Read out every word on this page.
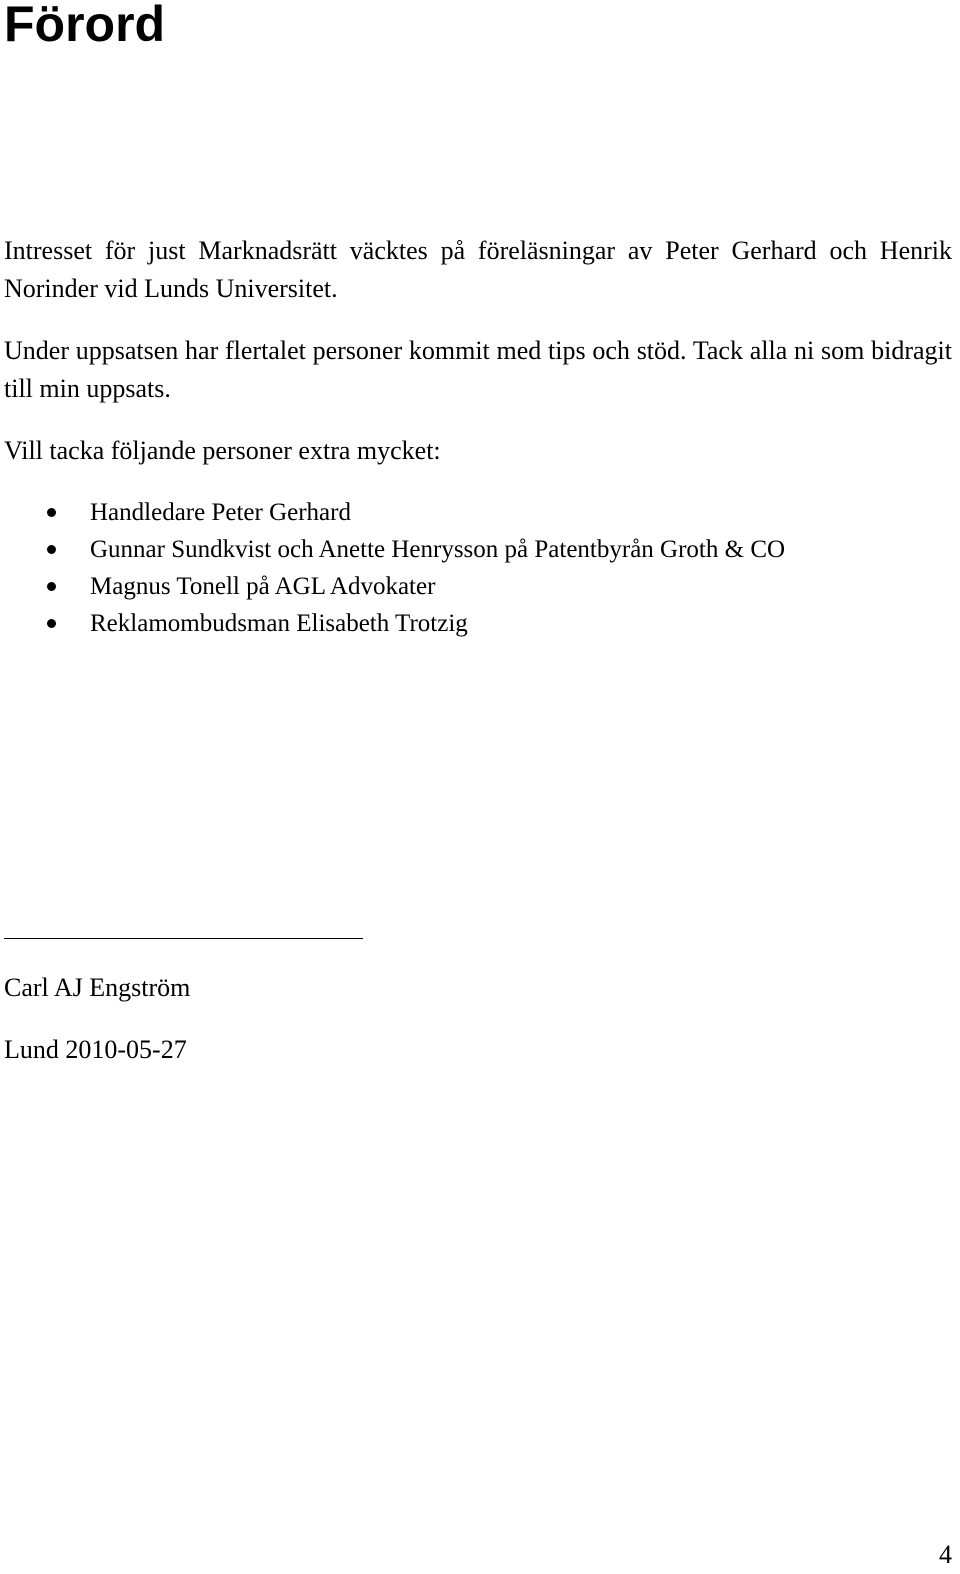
Förord

Intresset för just Marknadsrätt väcktes på föreläsningar av Peter Gerhard och Henrik Norinder vid Lunds Universitet.

Under uppsatsen har flertalet personer kommit med tips och stöd. Tack alla ni som bidragit till min uppsats.

Vill tacka följande personer extra mycket:

Handledare Peter Gerhard
Gunnar Sundkvist och Anette Henrysson på Patentbyrån Groth & CO
Magnus Tonell på AGL Advokater
Reklamombudsman Elisabeth Trotzig

Carl AJ Engström

Lund 2010-05-27

4
